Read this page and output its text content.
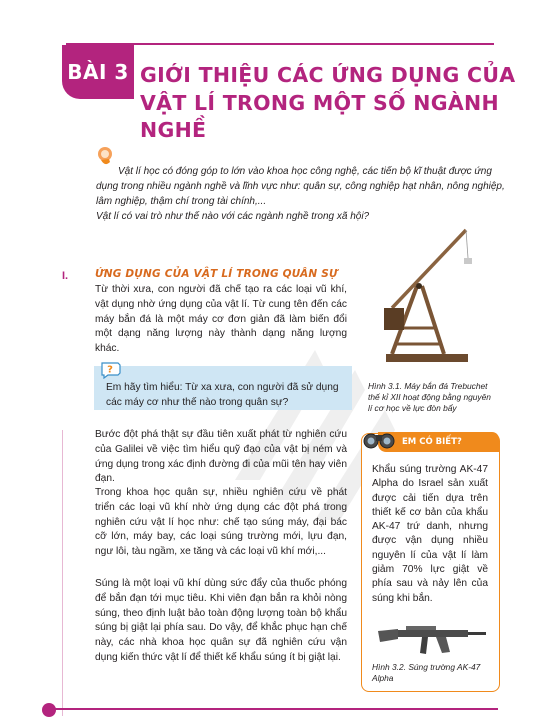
BÀI 3 GIỚI THIỆU CÁC ỨNG DỤNG CỦA VẬT LÍ TRONG MỘT SỐ NGÀNH NGHỀ

Vật lí học có đóng góp to lớn vào khoa học công nghệ, các tiến bộ kĩ thuật được ứng dụng trong nhiều ngành nghề và lĩnh vực như: quân sự, công nghiệp hạt nhân, nông nghiệp, lâm nghiệp, thậm chí trong tài chính,...

Vật lí có vai trò như thế nào với các ngành nghề trong xã hội?

I.	ỨNG DỤNG CỦA VẬT LÍ TRONG QUÂN SỰ
Từ thời xưa, con người đã chế tạo ra các loại vũ khí, vật dụng nhờ ứng dụng của vật lí. Từ cung tên đến các máy bắn đá là một máy cơ đơn giản đã làm biến đổi một dạng năng lượng này thành dạng năng lượng khác.
?
Em hãy tìm hiểu: Từ xa xưa, con người đã sử dụng các máy cơ như thế nào trong quân sự?
Hình 3.1. Máy bắn đá Trebuchet thế kỉ XII hoạt động bằng nguyên lí cơ học về lực đòn bẩy
Bước đột phá thật sự đầu tiên xuất phát từ nghiên cứu của Galilei về việc tìm hiểu quỹ đạo của vật bị ném và ứng dụng trong xác định đường đi của mũi tên hay viên đạn.
Trong khoa học quân sự, nhiều nghiên cứu về phát triển các loại vũ khí nhờ ứng dụng các đột phá trong nghiên cứu vật lí học như: chế tạo súng máy, đại bác cỡ lớn, máy bay, các loại súng trường mới, lựu đạn, ngư lôi, tàu ngầm, xe tăng và các loại vũ khí mới,...
Súng là một loại vũ khí dùng sức đẩy của thuốc phóng để bắn đạn tới mục tiêu. Khi viên đạn bắn ra khỏi nòng súng, theo định luật bảo toàn động lượng toàn bộ khẩu súng bị giật lại phía sau. Do vậy, để khắc phục hạn chế này, các nhà khoa học quân sự đã nghiên cứu vận dụng kiến thức vật lí để thiết kế khẩu súng ít bị giật lại.
EM CÓ BIẾT?
Khẩu súng trường AK-47 Alpha do Israel sản xuất được cải tiến dựa trên thiết kế cơ bản của khẩu AK-47 trứ danh, nhưng được vận dụng nhiều nguyên lí của vật lí làm giảm 70% lực giật về phía sau và nảy lên của súng khi bắn.
Hình 3.2. Súng trường AK-47 Alpha
